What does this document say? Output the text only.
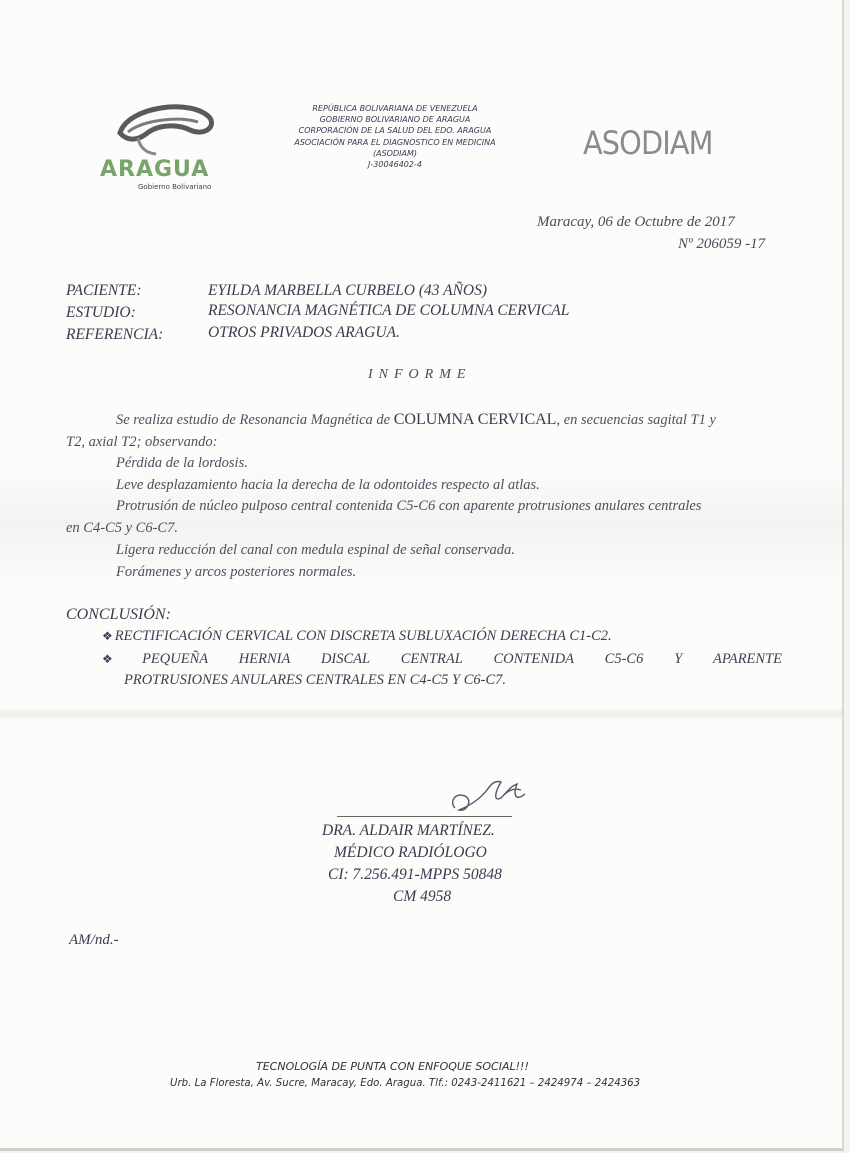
ARAGUA
Gobierno Bolivariano
REPÚBLICA BOLIVARIANA DE VENEZUELA
GOBIERNO BOLIVARIANO DE ARAGUA
CORPORACIÓN DE LA SALUD DEL EDO. ARAGUA
ASOCIACIÓN PARA EL DIAGNOSTICO EN MEDICINA
(ASODIAM)
J-30046402-4
ASODIAM
Maracay, 06 de Octubre de 2017
Nº 206059 -17
PACIENTE:	EYILDA MARBELLA CURBELO (43 AÑOS)
ESTUDIO:	RESONANCIA MAGNÉTICA DE COLUMNA CERVICAL
REFERENCIA:	OTROS PRIVADOS ARAGUA.
INFORME
Se realiza estudio de Resonancia Magnética de COLUMNA CERVICAL, en secuencias sagital T1 y
T2, axial T2; observando:
Pérdida de la lordosis.
Leve desplazamiento hacia la derecha de la odontoides respecto al atlas.
Protrusión de núcleo pulposo central contenida C5-C6 con aparente protrusiones anulares centrales
en C4-C5 y C6-C7.
Ligera reducción del canal con medula espinal de señal conservada.
Forámenes y arcos posteriores normales.
CONCLUSIÓN:
❖ RECTIFICACIÓN CERVICAL CON DISCRETA SUBLUXACIÓN DERECHA C1-C2.
❖ PEQUEÑA HERNIA DISCAL CENTRAL CONTENIDA C5-C6 Y APARENTE
PROTRUSIONES ANULARES CENTRALES EN C4-C5 Y C6-C7.
DRA. ALDAIR MARTÍNEZ.
MÉDICO RADIÓLOGO
CI: 7.256.491-MPPS 50848
CM 4958
AM/nd.-
TECNOLOGÍA DE PUNTA CON ENFOQUE SOCIAL!!!
Urb. La Floresta, Av. Sucre, Maracay, Edo. Aragua. Tlf.: 0243-2411621 – 2424974 – 2424363
